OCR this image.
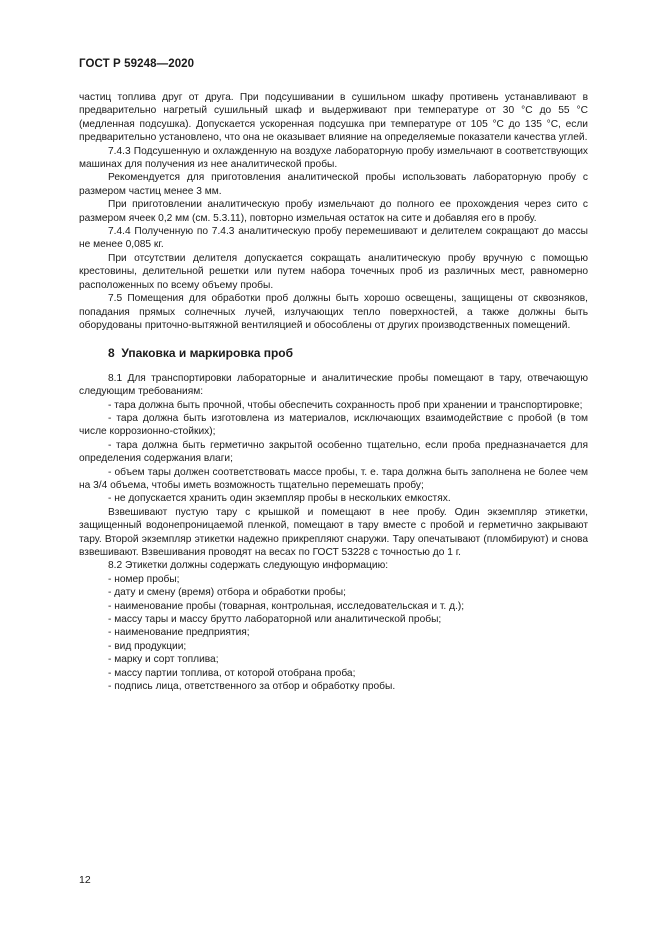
ГОСТ Р 59248—2020

частиц топлива друг от друга. При подсушивании в сушильном шкафу противень устанавливают в предварительно нагретый сушильный шкаф и выдерживают при температуре от 30 °С до 55 °С (медленная подсушка). Допускается ускоренная подсушка при температуре от 105 °С до 135 °С, если предварительно установлено, что она не оказывает влияние на определяемые показатели качества углей.

7.4.3 Подсушенную и охлажденную на воздухе лабораторную пробу измельчают в соответствующих машинах для получения из нее аналитической пробы.

Рекомендуется для приготовления аналитической пробы использовать лабораторную пробу с размером частиц менее 3 мм.

При приготовлении аналитическую пробу измельчают до полного ее прохождения через сито с размером ячеек 0,2 мм (см. 5.3.11), повторно измельчая остаток на сите и добавляя его в пробу.

7.4.4 Полученную по 7.4.3 аналитическую пробу перемешивают и делителем сокращают до массы не менее 0,085 кг.

При отсутствии делителя допускается сокращать аналитическую пробу вручную с помощью крестовины, делительной решетки или путем набора точечных проб из различных мест, равномерно расположенных по всему объему пробы.

7.5 Помещения для обработки проб должны быть хорошо освещены, защищены от сквозняков, попадания прямых солнечных лучей, излучающих тепло поверхностей, а также должны быть оборудованы приточно-вытяжной вентиляцией и обособлены от других производственных помещений.

8 Упаковка и маркировка проб

8.1 Для транспортировки лабораторные и аналитические пробы помещают в тару, отвечающую следующим требованиям:

- тара должна быть прочной, чтобы обеспечить сохранность проб при хранении и транспортировке;

- тара должна быть изготовлена из материалов, исключающих взаимодействие с пробой (в том числе коррозионно-стойких);

- тара должна быть герметично закрытой особенно тщательно, если проба предназначается для определения содержания влаги;

- объем тары должен соответствовать массе пробы, т. е. тара должна быть заполнена не более чем на 3/4 объема, чтобы иметь возможность тщательно перемешать пробу;

- не допускается хранить один экземпляр пробы в нескольких емкостях.

Взвешивают пустую тару с крышкой и помещают в нее пробу. Один экземпляр этикетки, защищенный водонепроницаемой пленкой, помещают в тару вместе с пробой и герметично закрывают тару. Второй экземпляр этикетки надежно прикрепляют снаружи. Тару опечатывают (пломбируют) и снова взвешивают. Взвешивания проводят на весах по ГОСТ 53228 с точностью до 1 г.

8.2 Этикетки должны содержать следующую информацию:

- номер пробы;

- дату и смену (время) отбора и обработки пробы;

- наименование пробы (товарная, контрольная, исследовательская и т. д.);

- массу тары и массу брутто лабораторной или аналитической пробы;

- наименование предприятия;

- вид продукции;

- марку и сорт топлива;

- массу партии топлива, от которой отобрана проба;

- подпись лица, ответственного за отбор и обработку пробы.

12
